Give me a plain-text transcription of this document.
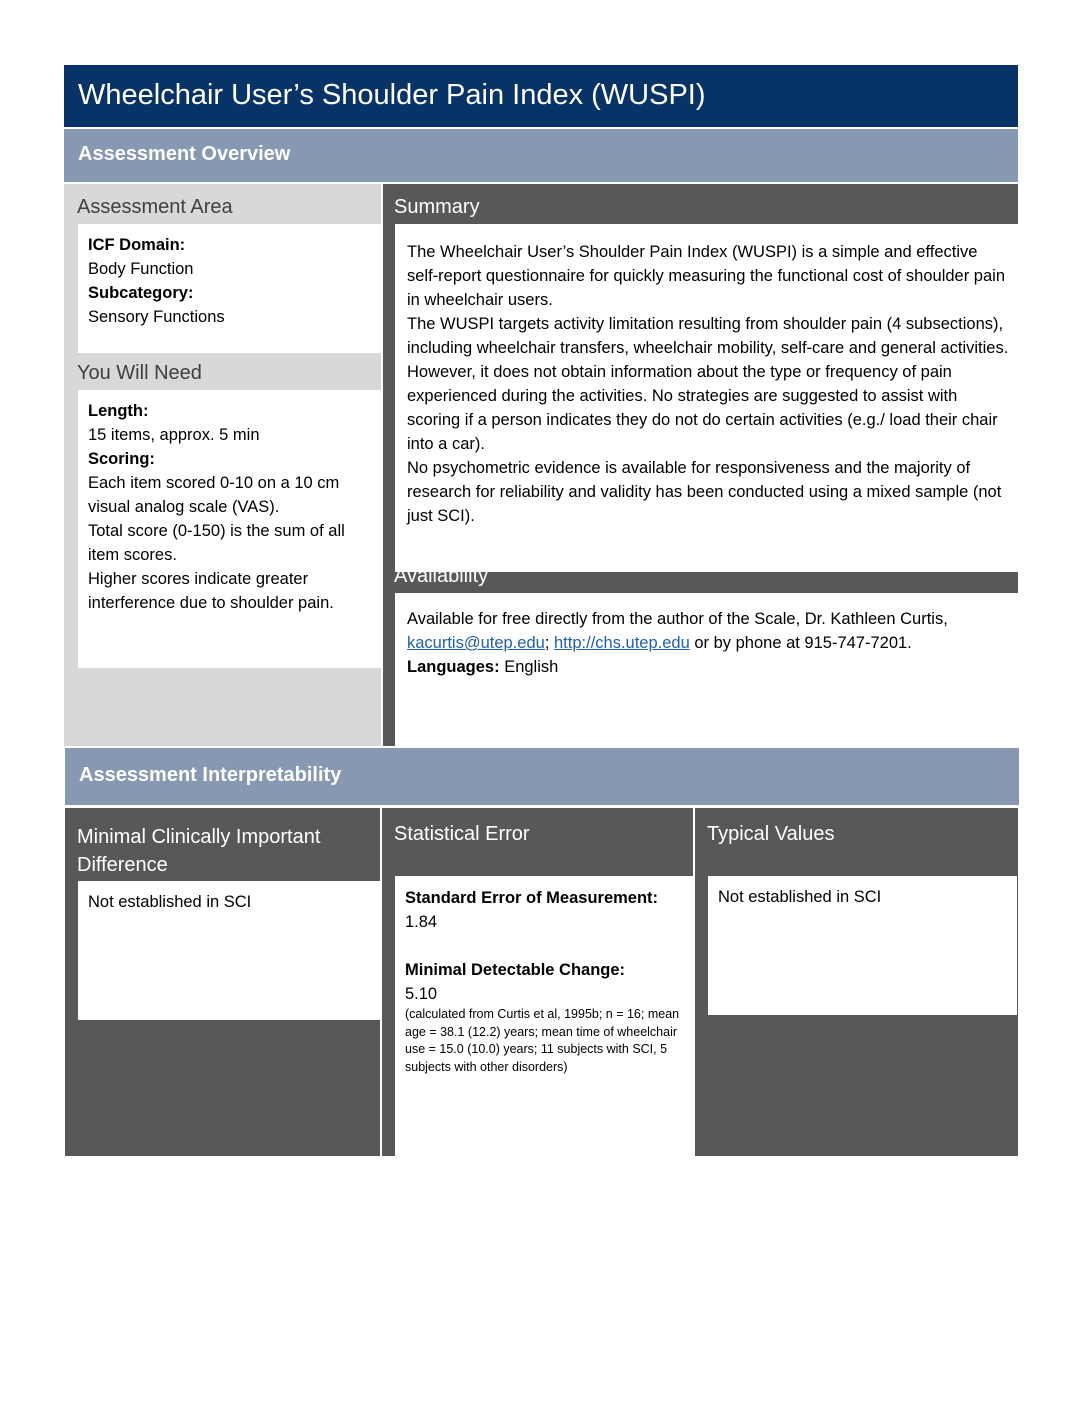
Wheelchair User’s Shoulder Pain Index (WUSPI)
Assessment Overview
Assessment Area
ICF Domain:

Body Function

Subcategory:

Sensory Functions

You Will Need
Length:

15 items, approx. 5 min

Scoring:

Each item scored 0-10 on a 10 cm visual analog scale (VAS).

Total score (0-150) is the sum of all item scores.

Higher scores indicate greater interference due to shoulder pain.

Summary

The Wheelchair User’s Shoulder Pain Index (WUSPI) is a simple and effective self-report questionnaire for quickly measuring the functional cost of shoulder pain in wheelchair users.

The WUSPI targets activity limitation resulting from shoulder pain (4 subsections), including wheelchair transfers, wheelchair mobility, self-care and general activities. However, it does not obtain information about the type or frequency of pain experienced during the activities. No strategies are suggested to assist with scoring if a person indicates they do not do certain activities (e.g./ load their chair into a car).

No psychometric evidence is available for responsiveness and the majority of research for reliability and validity has been conducted using a mixed sample (not just SCI).

Availability

Available for free directly from the author of the Scale, Dr. Kathleen Curtis, kacurtis@utep.edu; http://chs.utep.edu or by phone at 915-747-7201.

Languages: English

Assessment Interpretability
Minimal Clinically Important
Difference

Not established in SCI

Statistical Error
Standard Error of Measurement:

1.84

Minimal Detectable Change:

5.10

(calculated from Curtis et al, 1995b; n = 16; mean age = 38.1 (12.2) years; mean time of wheelchair use = 15.0 (10.0) years; 11 subjects with SCI, 5 subjects with other disorders)

Typical Values

Not established in SCI
